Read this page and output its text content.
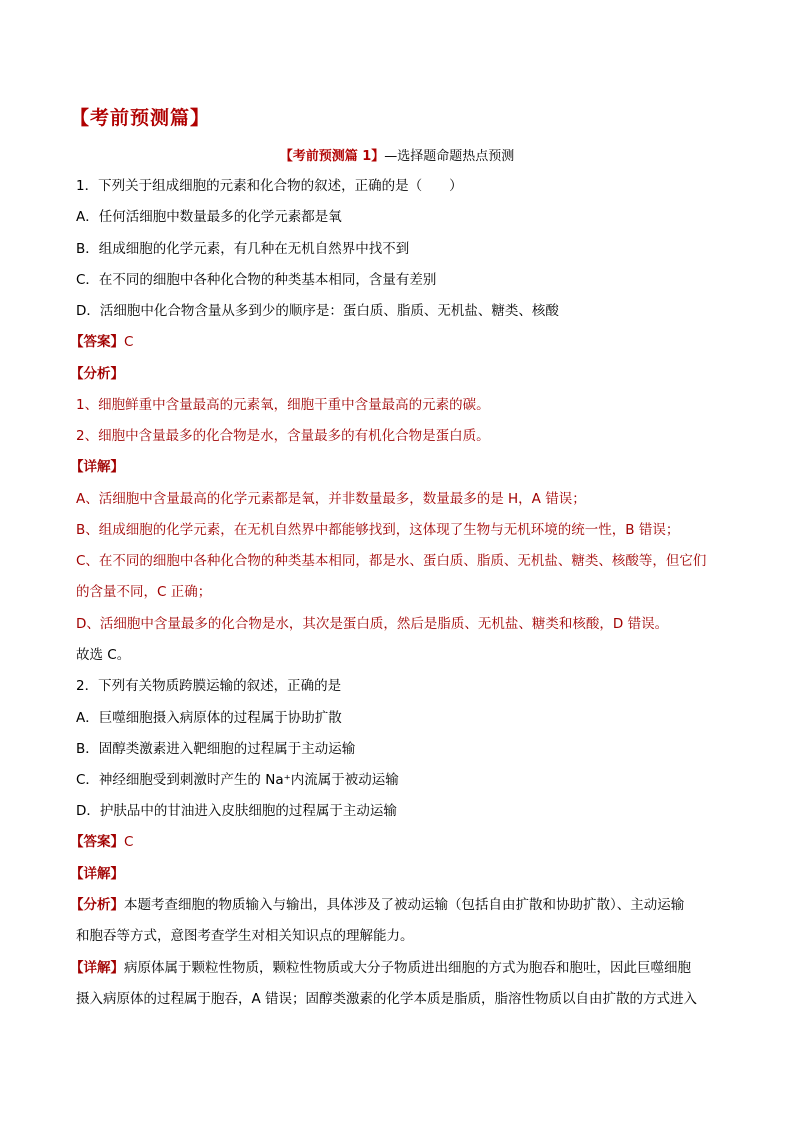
【考前预测篇】
【考前预测篇 1】—选择题命题热点预测
1．下列关于组成细胞的元素和化合物的叙述，正确的是（　　）
A．任何活细胞中数量最多的化学元素都是氧
B．组成细胞的化学元素，有几种在无机自然界中找不到
C．在不同的细胞中各种化合物的种类基本相同，含量有差别
D．活细胞中化合物含量从多到少的顺序是：蛋白质、脂质、无机盐、糖类、核酸
【答案】C
【分析】
1、细胞鲜重中含量最高的元素氧，细胞干重中含量最高的元素的碳。
2、细胞中含量最多的化合物是水，含量最多的有机化合物是蛋白质。
【详解】
A、活细胞中含量最高的化学元素都是氧，并非数量最多，数量最多的是 H，A 错误；
B、组成细胞的化学元素，在无机自然界中都能够找到，这体现了生物与无机环境的统一性，B 错误；
C、在不同的细胞中各种化合物的种类基本相同，都是水、蛋白质、脂质、无机盐、糖类、核酸等，但它们
的含量不同，C 正确；
D、活细胞中含量最多的化合物是水，其次是蛋白质，然后是脂质、无机盐、糖类和核酸，D 错误。
故选 C。
2．下列有关物质跨膜运输的叙述，正确的是
A．巨噬细胞摄入病原体的过程属于协助扩散
B．固醇类激素进入靶细胞的过程属于主动运输
C．神经细胞受到刺激时产生的 Na⁺内流属于被动运输
D．护肤品中的甘油进入皮肤细胞的过程属于主动运输
【答案】C
【详解】
【分析】本题考查细胞的物质输入与输出，具体涉及了被动运输（包括自由扩散和协助扩散）、主动运输
和胞吞等方式，意图考查学生对相关知识点的理解能力。
【详解】病原体属于颗粒性物质，颗粒性物质或大分子物质进出细胞的方式为胞吞和胞吐，因此巨噬细胞
摄入病原体的过程属于胞吞，A 错误；固醇类激素的化学本质是脂质，脂溶性物质以自由扩散的方式进入
